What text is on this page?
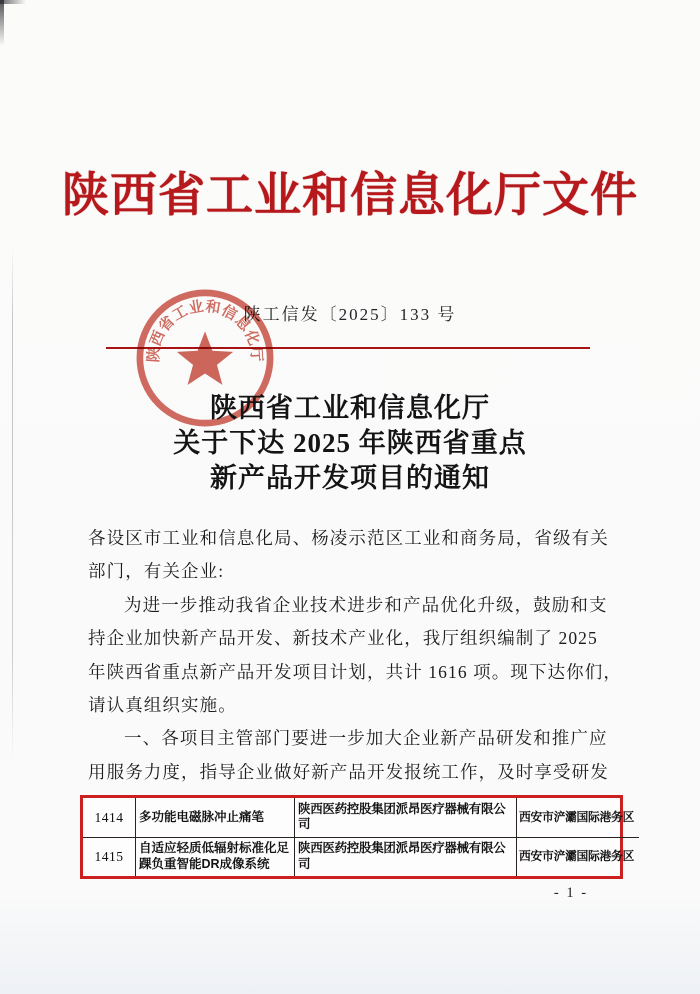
陕西省工业和信息化厅文件
陕工信发〔2025〕133 号
陕西省工业和信息化厅
陕西省工业和信息化厅
关于下达 2025 年陕西省重点
新产品开发项目的通知
各设区市工业和信息化局、杨凌示范区工业和商务局，省级有关
部门，有关企业:
为进一步推动我省企业技术进步和产品优化升级，鼓励和支
持企业加快新产品开发、新技术产业化，我厅组织编制了 2025
年陕西省重点新产品开发项目计划，共计 1616 项。现下达你们，
请认真组织实施。
一、各项目主管部门要进一步加大企业新产品研发和推广应
用服务力度，指导企业做好新产品开发报统工作，及时享受研发
1414	多功能电磁脉冲止痛笔	陕西医药控股集团派昂医疗器械有限公司	西安市浐灞国际港务区
1415	自适应轻质低辐射标准化足踝负重智能DR成像系统	陕西医药控股集团派昂医疗器械有限公司	西安市浐灞国际港务区
- 1 -
